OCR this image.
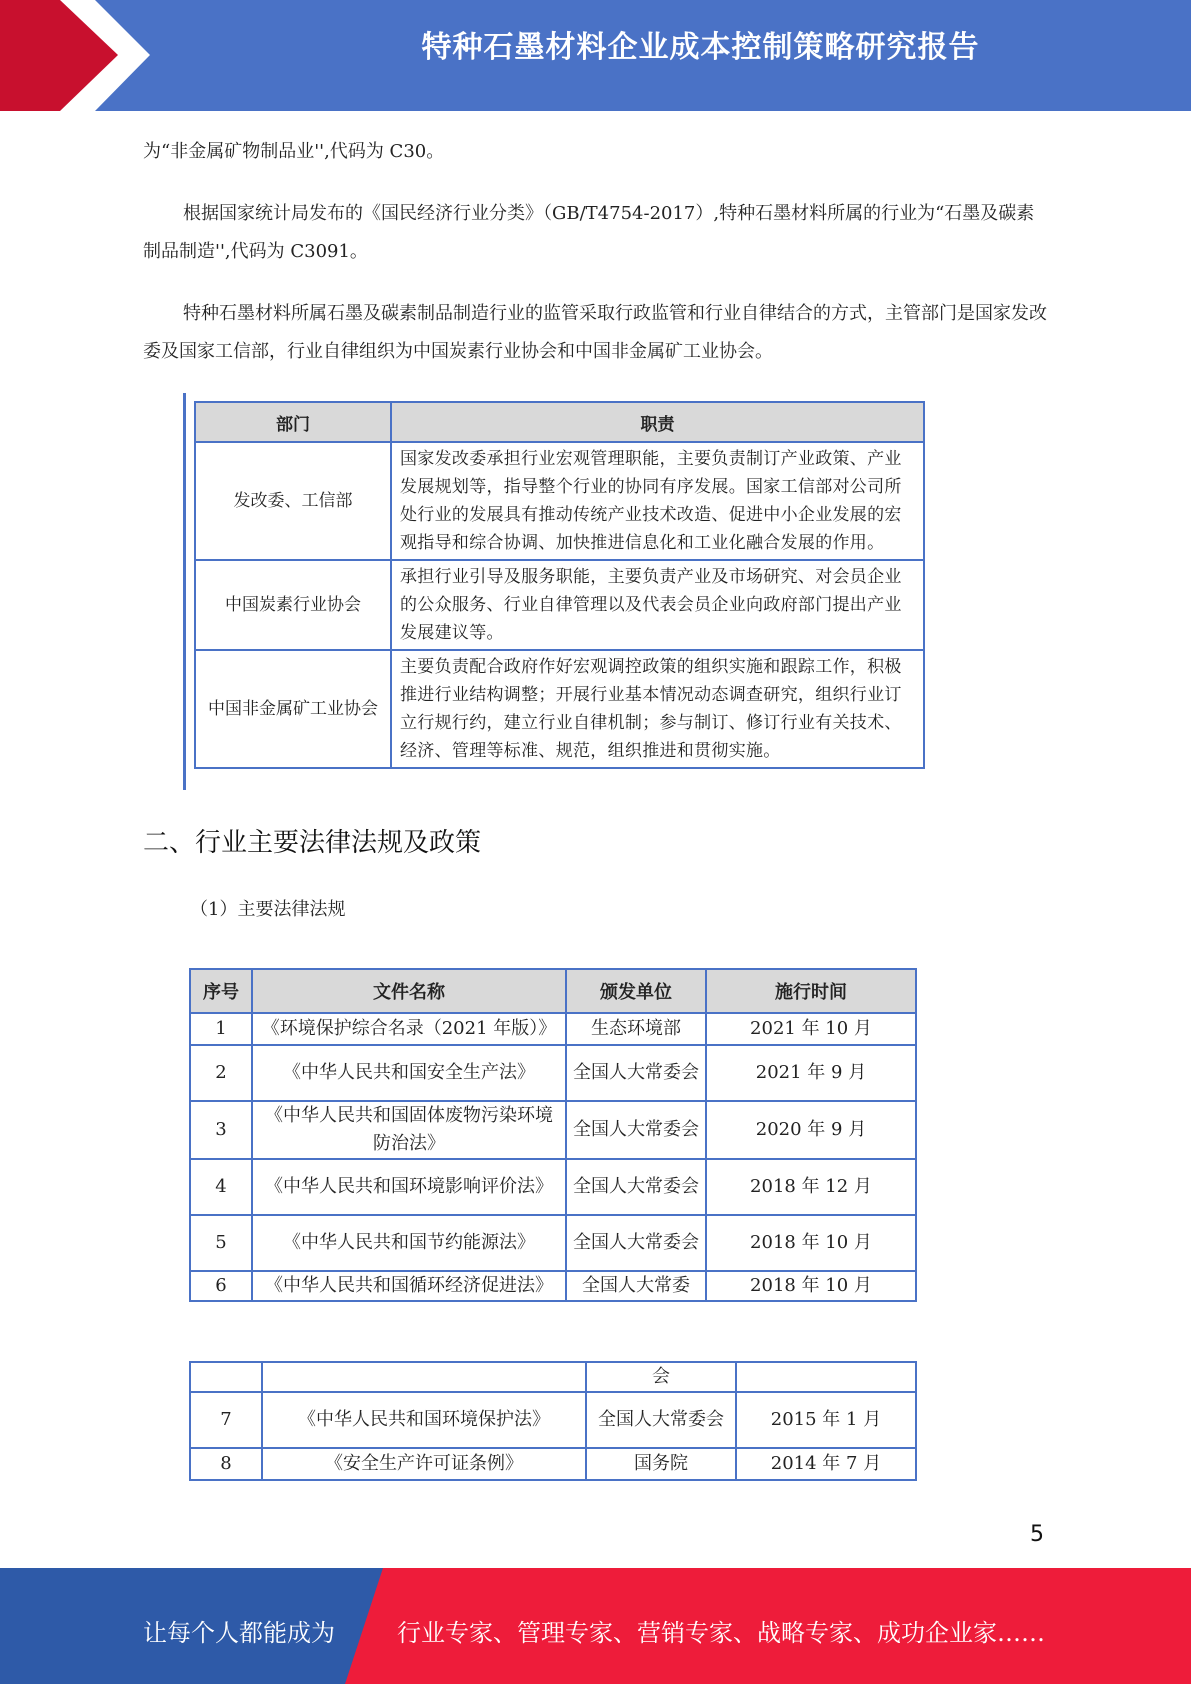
特种石墨材料企业成本控制策略研究报告

为“非金属矿物制品业'',代码为 C30。

根据国家统计局发布的《国民经济行业分类》（GB/T4754-2017）,特种石墨材料所属的行业为“石墨及碳素制品制造'',代码为 C3091。

特种石墨材料所属石墨及碳素制品制造行业的监管采取行政监管和行业自律结合的方式，主管部门是国家发改委及国家工信部，行业自律组织为中国炭素行业协会和中国非金属矿工业协会。

部门	职责
发改委、工信部	国家发改委承担行业宏观管理职能，主要负责制订产业政策、产业发展规划等，指导整个行业的协同有序发展。国家工信部对公司所处行业的发展具有推动传统产业技术改造、促进中小企业发展的宏观指导和综合协调、加快推进信息化和工业化融合发展的作用。
中国炭素行业协会	承担行业引导及服务职能，主要负责产业及市场研究、对会员企业的公众服务、行业自律管理以及代表会员企业向政府部门提出产业发展建议等。
中国非金属矿工业协会	主要负责配合政府作好宏观调控政策的组织实施和跟踪工作，积极推进行业结构调整；开展行业基本情况动态调查研究，组织行业订立行规行约，建立行业自律机制；参与制订、修订行业有关技术、经济、管理等标准、规范，组织推进和贯彻实施。
二、行业主要法律法规及政策

（1）主要法律法规

序号	文件名称	颁发单位	施行时间
1	《环境保护综合名录（2021 年版）》	生态环境部	2021 年 10 月
2	《中华人民共和国安全生产法》	全国人大常委会	2021 年 9 月
3	《中华人民共和国固体废物污染环境防治法》	全国人大常委会	2020 年 9 月
4	《中华人民共和国环境影响评价法》	全国人大常委会	2018 年 12 月
5	《中华人民共和国节约能源法》	全国人大常委会	2018 年 10 月
6	《中华人民共和国循环经济促进法》	全国人大常委	2018 年 10 月
		会	
7	《中华人民共和国环境保护法》	全国人大常委会	2015 年 1 月
8	《安全生产许可证条例》	国务院	2014 年 7 月
5
让每个人都能成为	行业专家、管理专家、营销专家、战略专家、成功企业家……
